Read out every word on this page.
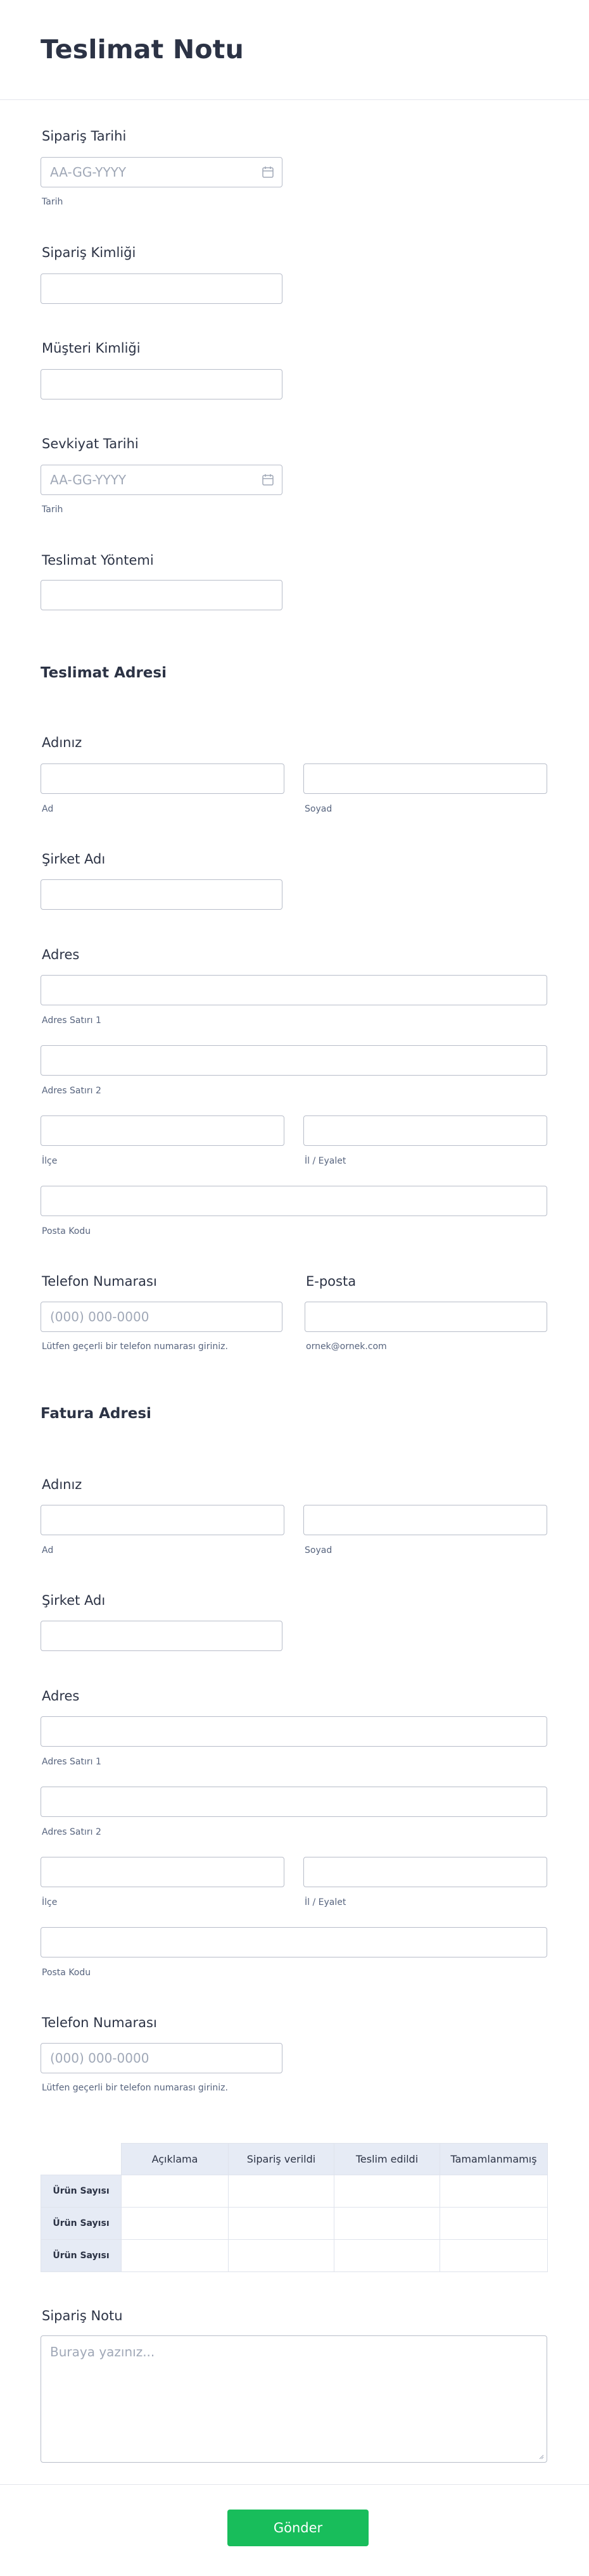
Teslimat Notu
Sipariş Tarihi
AA-GG-YYYY
Tarih
Sipariş Kimliği
Müşteri Kimliği
Sevkiyat Tarihi
AA-GG-YYYY
Tarih
Teslimat Yöntemi
Teslimat Adresi
Adınız
Ad	Soyad
Şirket Adı
Adres
Adres Satırı 1
Adres Satırı 2
İlçe	İl / Eyalet
Posta Kodu
Telefon Numarası	E-posta
(000) 000-0000
Lütfen geçerli bir telefon numarası giriniz.	ornek@ornek.com
Fatura Adresi
Adınız
Ad	Soyad
Şirket Adı
Adres
Adres Satırı 1
Adres Satırı 2
İlçe	İl / Eyalet
Posta Kodu
Telefon Numarası
(000) 000-0000
Lütfen geçerli bir telefon numarası giriniz.
	Açıklama	Sipariş verildi	Teslim edildi	Tamamlanmamış
Ürün Sayısı				
Ürün Sayısı				
Ürün Sayısı				
Sipariş Notu
Buraya yazınız...
Gönder
